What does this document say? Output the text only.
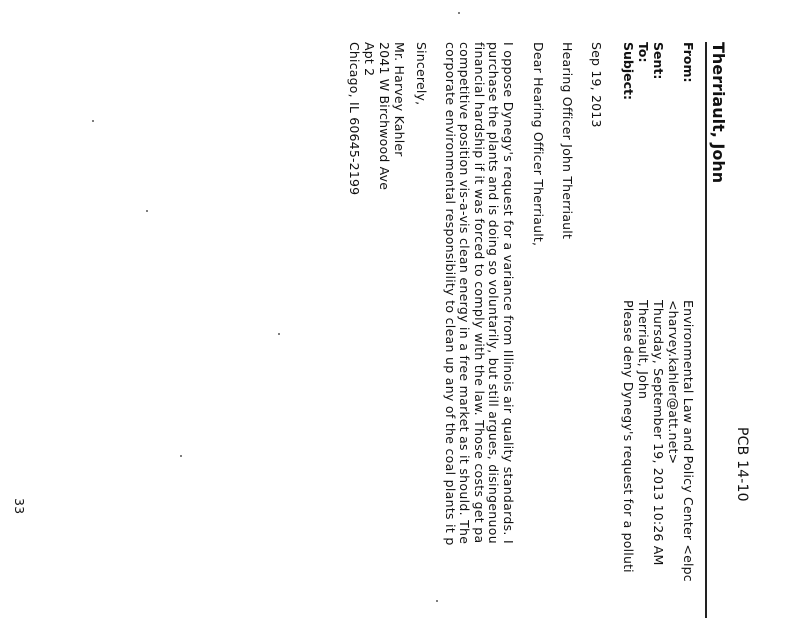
Therriault, John
PCB 14-10
From:
Environmental Law and Policy Center <elpc
<harvey.kahler@att.net>
Sent:
Thursday, September 19, 2013 10:26 AM
To:
Therriault, John
Subject:
Please deny Dynegy's request for a polluti
Sep 19, 2013
Hearing Officer John Therriault
Dear Hearing Officer Therriault,
I oppose Dynegy's request for a variance from Illinois air quality standards. I
purchase the plants and is doing so voluntarily, but still argues, disingenuou
financial hardship if it was forced to comply with the law. Those costs get pa
competitive position vis-a-vis clean energy in a free market as it should. The
corporate environmental responsibility to clean up any of the coal plants it p
Sincerely,
Mr. Harvey Kahler
2041 W Birchwood Ave
Apt 2
Chicago, IL 60645-2199
33
